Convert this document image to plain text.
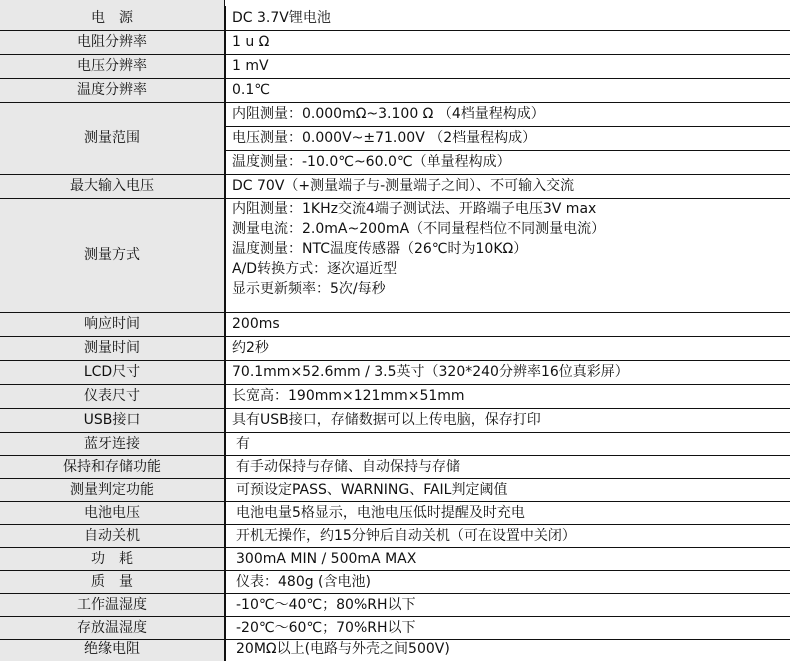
电　源	DC 3.7V锂电池
电阻分辨率	1 u Ω
电压分辨率	1 mV
温度分辨率	0.1℃
测量范围	内阻测量：0.000mΩ~3.100 Ω （4档量程构成）
电压测量：0.000V~±71.00V （2档量程构成）
温度测量：-10.0℃~60.0℃（单量程构成）

最大输入电压	DC 70V（+测量端子与-测量端子之间）、不可输入交流
测量方式	内阻测量：1KHz交流4端子测试法、开路端子电压3V max
测量电流：2.0mA~200mA（不同量程档位不同测量电流）
温度测量：NTC温度传感器（26℃时为10KΩ）
A/D转换方式：逐次逼近型
显示更新频率：5次/每秒

响应时间	200ms
测量时间	约2秒
LCD尺寸	70.1mm×52.6mm / 3.5英寸（320*240分辨率16位真彩屏）
仪表尺寸	长宽高：190mm×121mm×51mm
USB接口	具有USB接口，存储数据可以上传电脑，保存打印
蓝牙连接	有
保持和存储功能	有手动保持与存储、自动保持与存储
测量判定功能	可预设定PASS、WARNING、FAIL判定阈值
电池电压	电池电量5格显示，电池电压低时提醒及时充电
自动关机	开机无操作，约15分钟后自动关机（可在设置中关闭）
功　耗	300mA MIN / 500mA MAX
质　量	仪表：480g (含电池)
工作温湿度	-10℃～40℃；80%RH以下
存放温湿度	-20℃～60℃；70%RH以下
绝缘电阻	20MΩ以上(电路与外壳之间500V)
